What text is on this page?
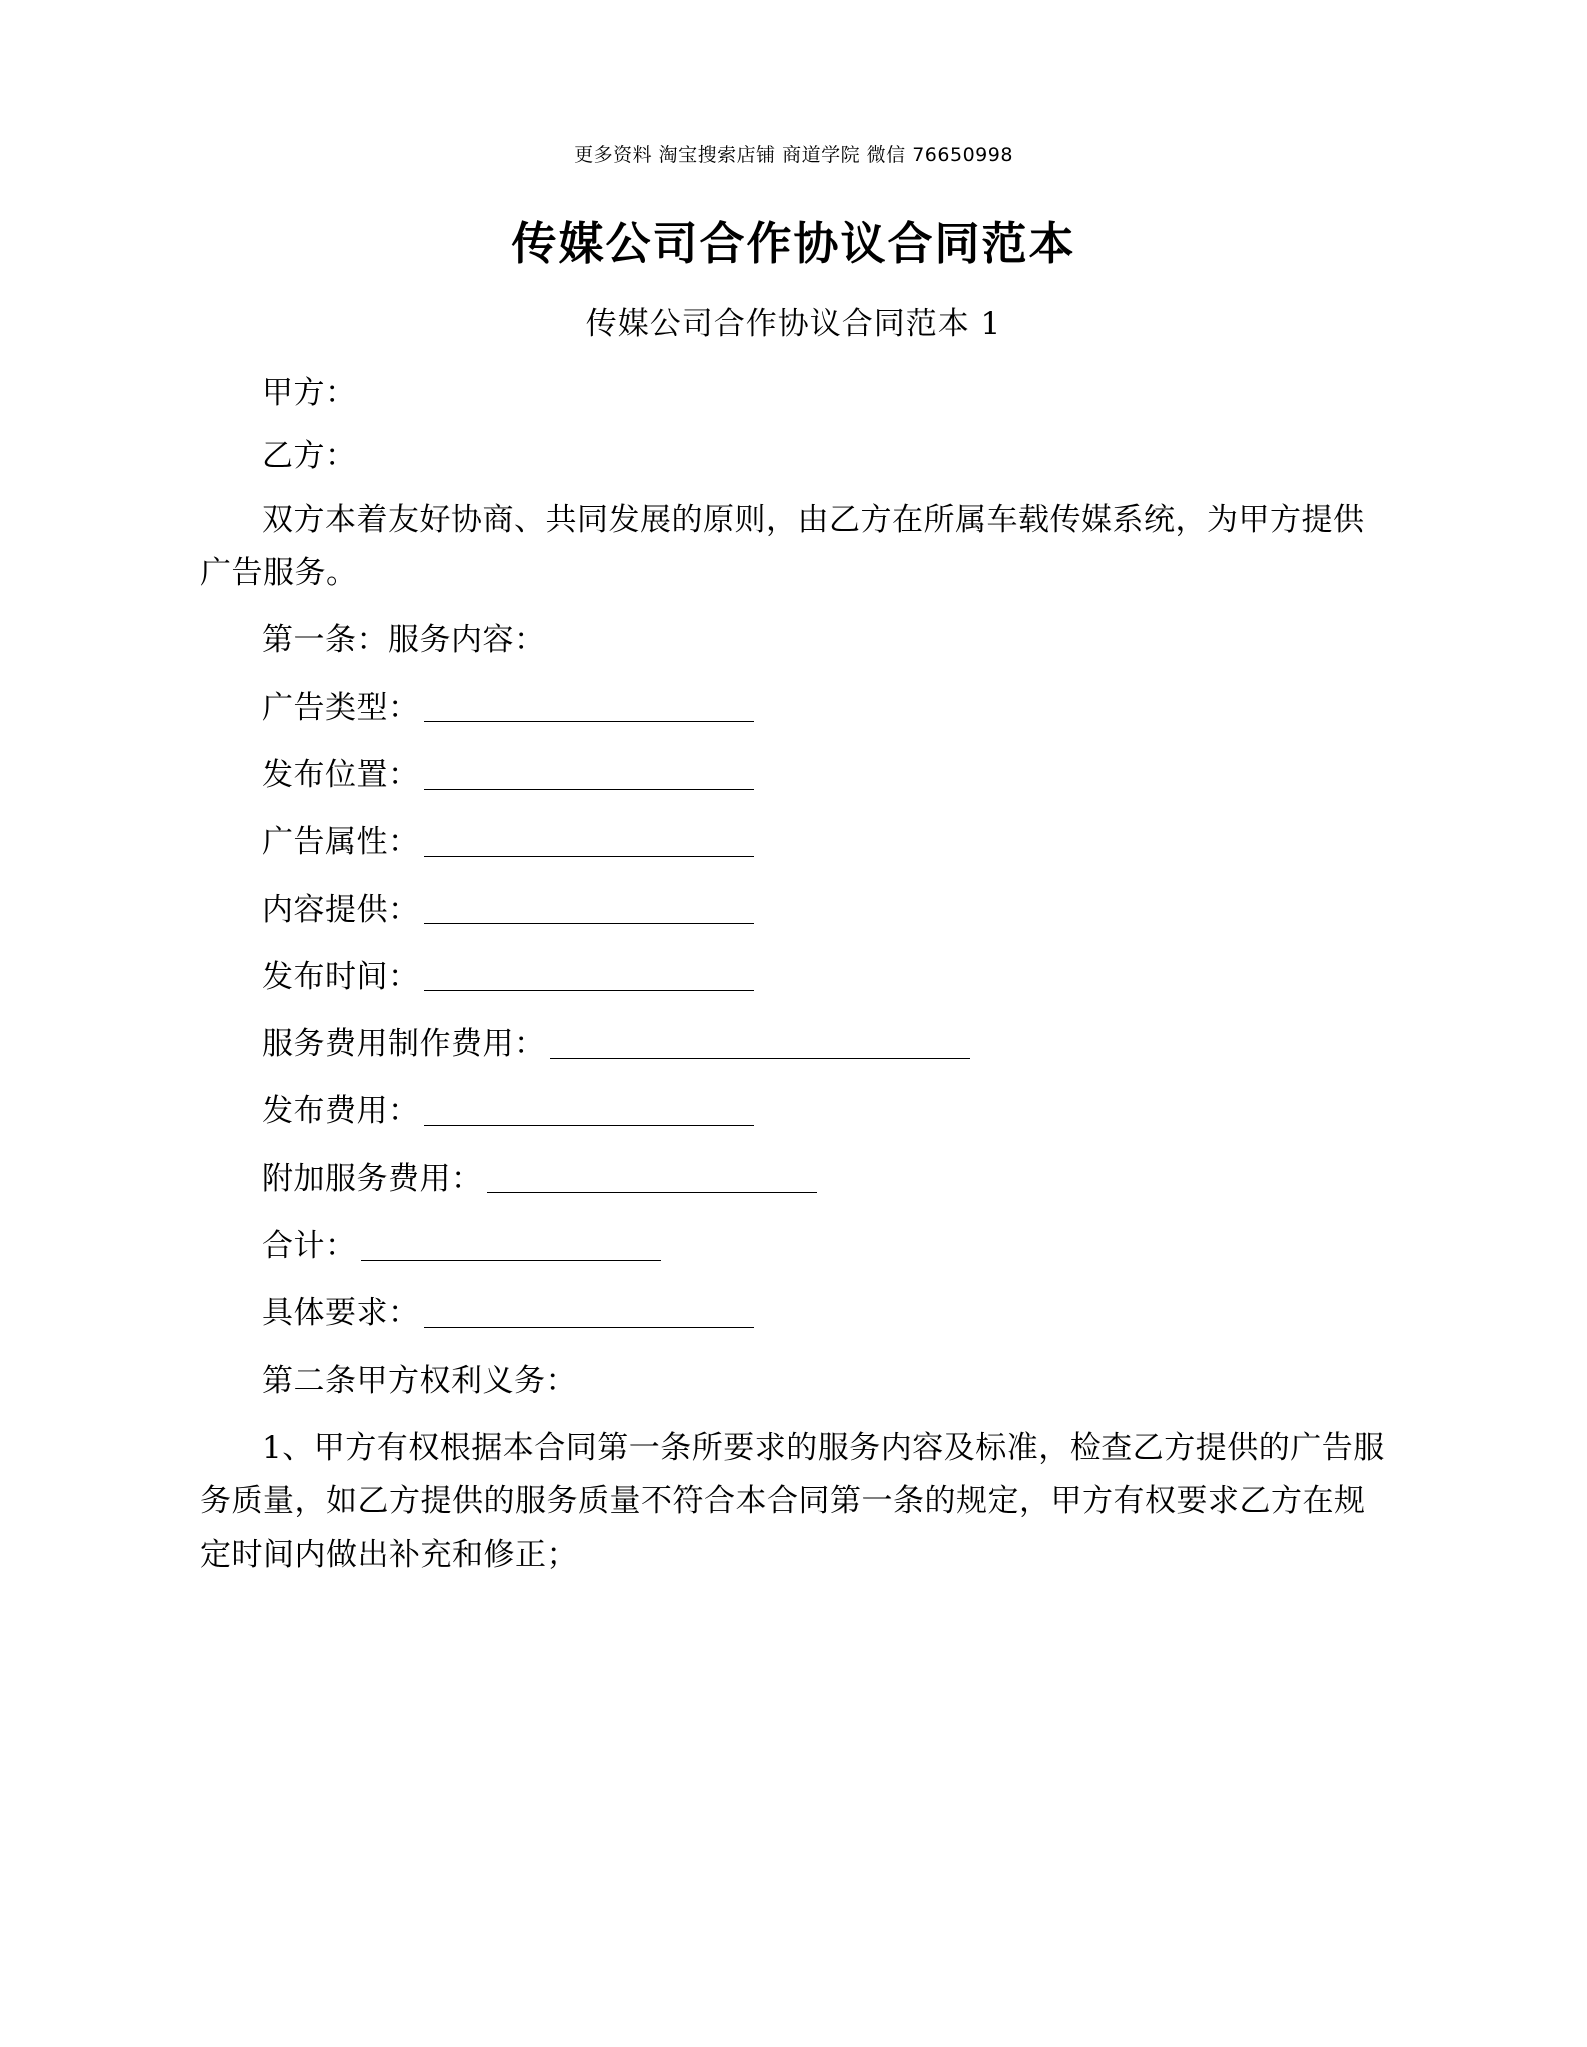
更多资料 淘宝搜索店铺 商道学院 微信 76650998
传媒公司合作协议合同范本
传媒公司合作协议合同范本 1
甲方：
乙方：
双方本着友好协商、共同发展的原则，由乙方在所属车载传媒系统，为甲方提供广告服务。
第一条：服务内容：
广告类型：
发布位置：
广告属性：
内容提供：
发布时间：
服务费用制作费用：
发布费用：
附加服务费用：
合计：
具体要求：
第二条甲方权利义务：
1、甲方有权根据本合同第一条所要求的服务内容及标准，检查乙方提供的广告服务质量，如乙方提供的服务质量不符合本合同第一条的规定，甲方有权要求乙方在规定时间内做出补充和修正；
